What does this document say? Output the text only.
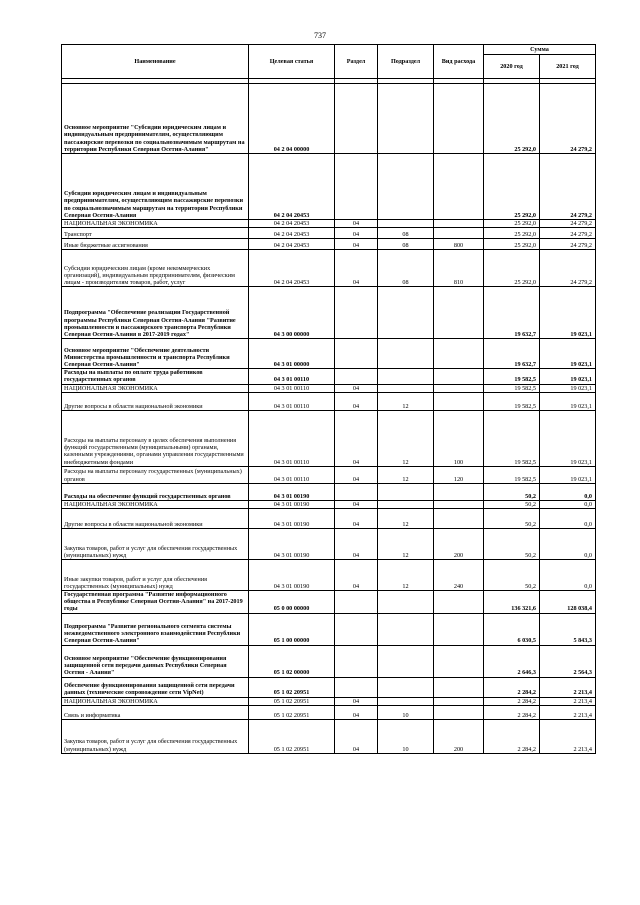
737
Наименование	Целевая статья	Раздел	Подраздел	Вид расхода	Сумма	
					2020 год	2021 год

Основное мероприятие "Субсидии юридическим лицам и индивидуальным предпринимателям, осуществляющим пассажирские перевозки по социальнозначимым маршрутам на территории Республики Северная Осетия-Алания"	04 2 04 00000				25 292,0	24 279,2
Субсидии юридическим лицам и индивидуальным предпринимателям, осуществляющим пассажирские перевозки по социальнозначимым маршрутам на территории Республики Северная Осетия-Алания	04 2 04 20453				25 292,0	24 279,2
НАЦИОНАЛЬНАЯ ЭКОНОМИКА	04 2 04 20453	04			25 292,0	24 279,2
Транспорт	04 2 04 20453	04	08		25 292,0	24 279,2
Иные бюджетные ассигнования	04 2 04 20453	04	08	800	25 292,0	24 279,2
Субсидии юридическим лицам (кроме некоммерческих организаций), индивидуальным предпринимателям, физическим лицам - производителям товаров, работ, услуг	04 2 04 20453	04	08	810	25 292,0	24 279,2
Подпрограмма "Обеспечение реализации Государственной программы Республики Северная Осетия-Алания "Развитие промышленности и пассажирского транспорта Республики Северная Осетия-Алания в 2017-2019 годах"	04 3 00 00000				19 632,7	19 023,1
Основное мероприятие "Обеспечение деятельности Министерства промышленности и транспорта Республики Северная Осетия-Алания"	04 3 01 00000				19 632,7	19 023,1
Расходы на выплаты по оплате труда работников государственных органов	04 3 01 00110				19 582,5	19 023,1
НАЦИОНАЛЬНАЯ ЭКОНОМИКА	04 3 01 00110	04			19 582,5	19 023,1
Другие вопросы в области национальной экономики	04 3 01 00110	04	12		19 582,5	19 023,1
Расходы на выплаты персоналу в целях обеспечения выполнения функций государственными (муниципальными) органами, казенными учреждениями, органами управления государственными внебюджетными фондами	04 3 01 00110	04	12	100	19 582,5	19 023,1
Расходы на выплаты персоналу государственных (муниципальных) органов	04 3 01 00110	04	12	120	19 582,5	19 023,1
Расходы на обеспечение функций государственных органов	04 3 01 00190				50,2	0,0
НАЦИОНАЛЬНАЯ ЭКОНОМИКА	04 3 01 00190	04			50,2	0,0
Другие вопросы в области национальной экономики	04 3 01 00190	04	12		50,2	0,0
Закупка товаров, работ и услуг для обеспечения государственных (муниципальных) нужд	04 3 01 00190	04	12	200	50,2	0,0
Иные закупки товаров, работ и услуг для обеспечения государственных (муниципальных) нужд	04 3 01 00190	04	12	240	50,2	0,0
Государственная программа "Развитие информационного общества в Республике Северная Осетия-Алания" на 2017-2019 годы	05 0 00 00000				136 321,6	128 038,4
Подпрограмма "Развитие регионального сегмента системы межведомственного электронного взаимодействия Республики Северная Осетия-Алания"	05 1 00 00000				6 030,5	5 843,3
Основное мероприятие "Обеспечение функционирования защищенной сети передачи данных Республики Северная Осетия - Алания"	05 1 02 00000				2 646,3	2 564,3
Обеспечение функционирования защищенной сети передачи данных (технические сопровождение сети VipNet)	05 1 02 20951				2 284,2	2 213,4
НАЦИОНАЛЬНАЯ ЭКОНОМИКА	05 1 02 20951	04			2 284,2	2 213,4
Связь и информатика	05 1 02 20951	04	10		2 284,2	2 213,4
Закупка товаров, работ и услуг для обеспечения государственных (муниципальных) нужд	05 1 02 20951	04	10	200	2 284,2	2 213,4
